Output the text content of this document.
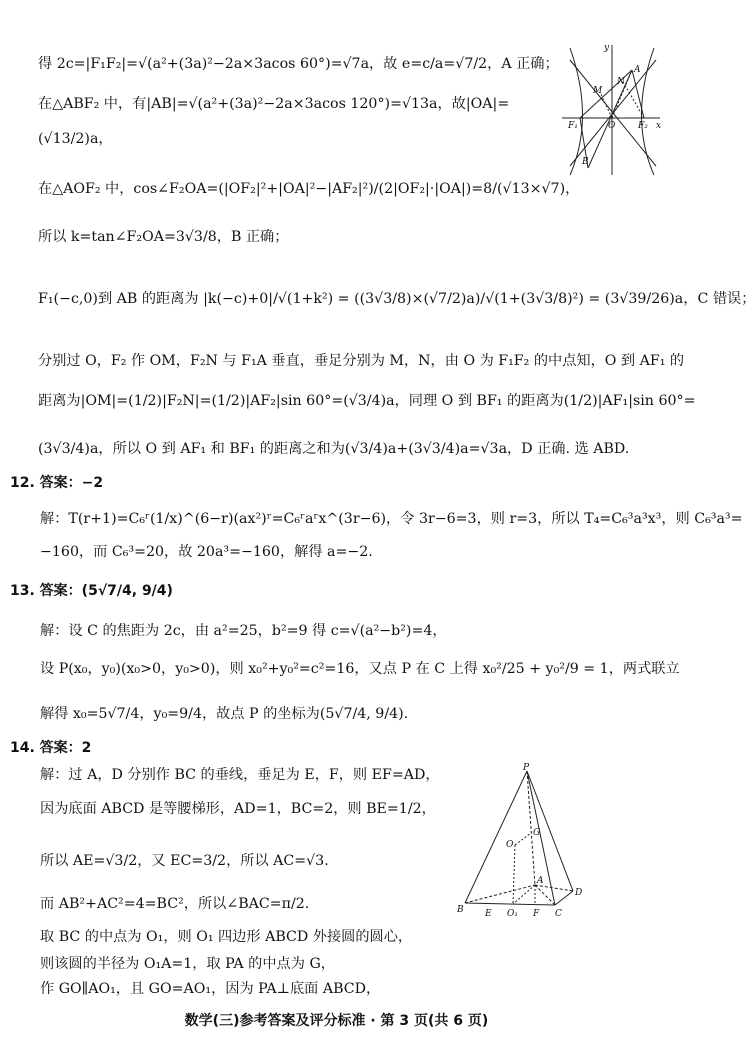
得 2c=|F₁F₂|=√(a²+(3a)²−2a×3acos 60°)=√7a，故 e=c/a=√7/2，A 正确；
在△ABF₂ 中，有|AB|=√(a²+(3a)²−2a×3acos 120°)=√13a，故|OA|=
(√13/2)a，
在△AOF₂ 中，cos∠F₂OA=(|OF₂|²+|OA|²−|AF₂|²)/(2|OF₂|·|OA|)=8/(√13×√7)，
所以 k=tan∠F₂OA=3√3/8，B 正确；
F₁(−c,0)到 AB 的距离为 |k(−c)+0|/√(1+k²) = ((3√3/8)×(√7/2)a)/√(1+(3√3/8)²) = (3√39/26)a，C 错误；
分别过 O，F₂ 作 OM，F₂N 与 F₁A 垂直，垂足分别为 M，N，由 O 为 F₁F₂ 的中点知，O 到 AF₁ 的
距离为|OM|=(1/2)|F₂N|=(1/2)|AF₂|sin 60°=(√3/4)a，同理 O 到 BF₁ 的距离为(1/2)|AF₁|sin 60°=
(3√3/4)a，所以 O 到 AF₁ 和 BF₁ 的距离之和为(√3/4)a+(3√3/4)a=√3a，D 正确. 选 ABD.
12. 答案：−2
解：T(r+1)=C₆ʳ(1/x)^(6−r)(ax²)ʳ=C₆ʳaʳx^(3r−6)，令 3r−6=3，则 r=3，所以 T₄=C₆³a³x³，则 C₆³a³=
−160，而 C₆³=20，故 20a³=−160，解得 a=−2.
13. 答案：(5√7/4, 9/4)
解：设 C 的焦距为 2c，由 a²=25，b²=9 得 c=√(a²−b²)=4，
设 P(x₀，y₀)(x₀>0，y₀>0)，则 x₀²+y₀²=c²=16，又点 P 在 C 上得 x₀²/25 + y₀²/9 = 1，两式联立
解得 x₀=5√7/4，y₀=9/4，故点 P 的坐标为(5√7/4, 9/4).
14. 答案：2
解：过 A，D 分别作 BC 的垂线，垂足为 E，F，则 EF=AD，
因为底面 ABCD 是等腰梯形，AD=1，BC=2，则 BE=1/2，
所以 AE=√3/2，又 EC=3/2，所以 AC=√3.
而 AB²+AC²=4=BC²，所以∠BAC=π/2.
取 BC 的中点为 O₁，则 O₁ 四边形 ABCD 外接圆的圆心，
则该圆的半径为 O₁A=1，取 PA 的中点为 G，
作 GO∥AO₁，且 GO=AO₁，因为 PA⊥底面 ABCD，
y
x
A
N
M
O
F₁	F₂
B
P
G
O
A
D
B E O₁ F C
数学(三)参考答案及评分标准 · 第 3 页(共 6 页)
